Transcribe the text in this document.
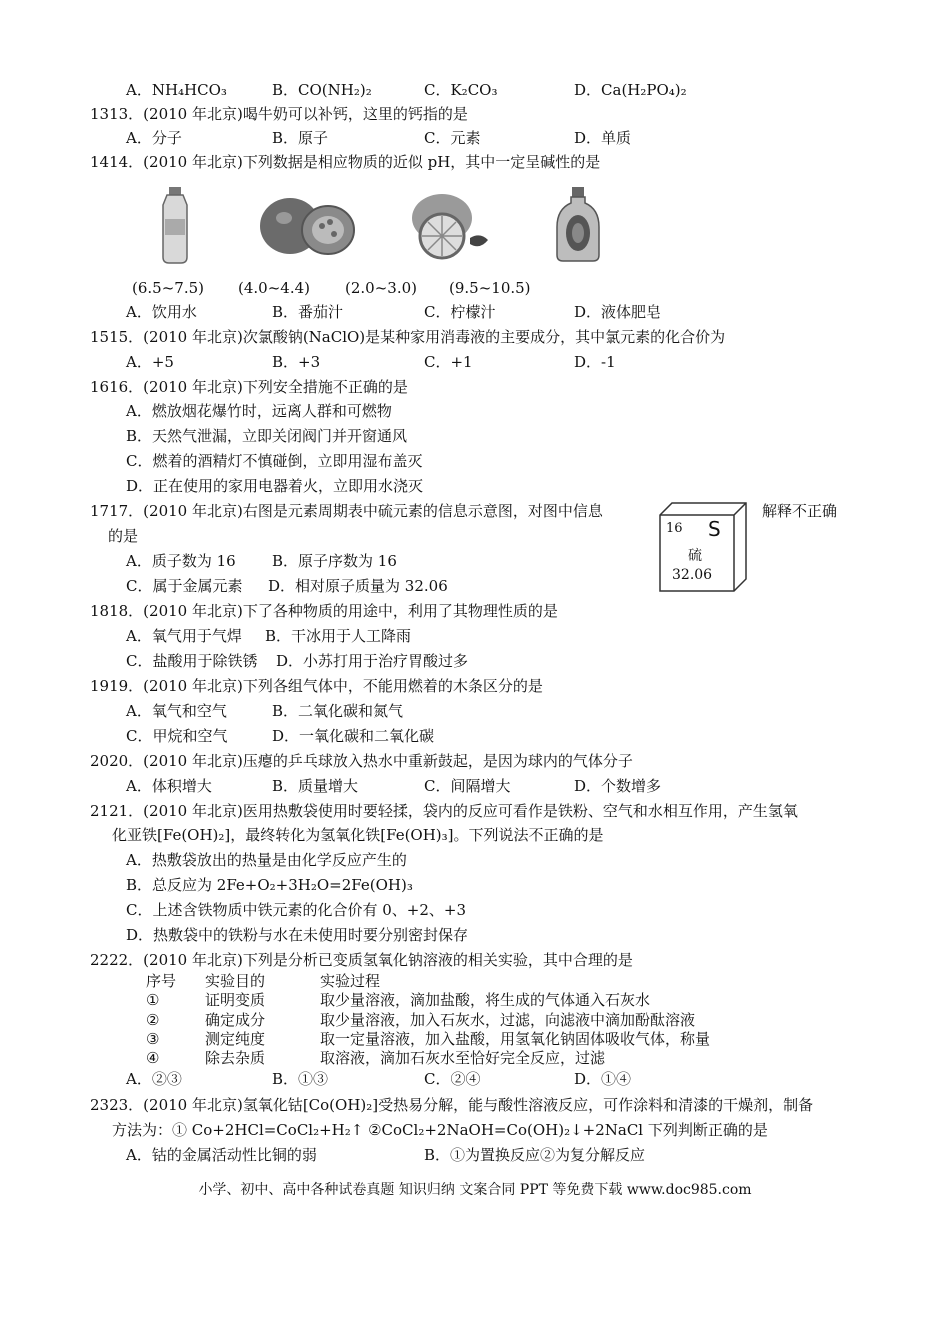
A．NH₄HCO₃	B．CO(NH₂)₂	C．K₂CO₃	D．Ca(H₂PO₄)₂
1313．(2010 年北京)喝牛奶可以补钙，这里的钙指的是
A．分子	B．原子	C．元素	D．单质
1414．(2010 年北京)下列数据是相应物质的近似 pH，其中一定呈碱性的是
(6.5~7.5) (4.0~4.4) (2.0~3.0) (9.5~10.5)
A．饮用水	B．番茄汁	C．柠檬汁	D．液体肥皂
1515．(2010 年北京)次氯酸钠(NaClO)是某种家用消毒液的主要成分，其中氯元素的化合价为
A．+5	B．+3	C．+1	D．-1
1616．(2010 年北京)下列安全措施不正确的是
A．燃放烟花爆竹时，远离人群和可燃物
B．天然气泄漏，立即关闭阀门并开窗通风
C．燃着的酒精灯不慎碰倒，立即用湿布盖灭
D．正在使用的家用电器着火，立即用水浇灭
1717．(2010 年北京)右图是元素周期表中硫元素的信息示意图，对图中信息	解释不正确
的是
A．质子数为 16 B．原子序数为 16
C．属于金属元素 D．相对原子质量为 32.06
16 S
硫
32.06
1818．(2010 年北京)下了各种物质的用途中，利用了其物理性质的是
A．氧气用于气焊 B．干冰用于人工降雨
C．盐酸用于除铁锈 D．小苏打用于治疗胃酸过多
1919．(2010 年北京)下列各组气体中，不能用燃着的木条区分的是
A．氧气和空气	B．二氧化碳和氮气
C．甲烷和空气	D．一氧化碳和二氧化碳
2020．(2010 年北京)压瘪的乒乓球放入热水中重新鼓起，是因为球内的气体分子
A．体积增大	B．质量增大	C．间隔增大	D．个数增多
2121．(2010 年北京)医用热敷袋使用时要轻揉，袋内的反应可看作是铁粉、空气和水相互作用，产生氢氧
化亚铁[Fe(OH)₂]，最终转化为氢氧化铁[Fe(OH)₃]。下列说法不正确的是
A．热敷袋放出的热量是由化学反应产生的
B．总反应为 2Fe+O₂+3H₂O=2Fe(OH)₃
C．上述含铁物质中铁元素的化合价有 0、+2、+3
D．热敷袋中的铁粉与水在未使用时要分别密封保存
2222．(2010 年北京)下列是分析已变质氢氧化钠溶液的相关实验，其中合理的是
序号 实验目的	实验过程
①	证明变质	取少量溶液，滴加盐酸，将生成的气体通入石灰水
②	确定成分	取少量溶液，加入石灰水，过滤，向滤液中滴加酚酞溶液
③	测定纯度	取一定量溶液，加入盐酸，用氢氧化钠固体吸收气体，称量
④	除去杂质	取溶液，滴加石灰水至恰好完全反应，过滤
A．②③	B．①③	C．②④	D．①④
2323．(2010 年北京)氢氧化钴[Co(OH)₂]受热易分解，能与酸性溶液反应，可作涂料和清漆的干燥剂，制备
方法为：① Co+2HCl=CoCl₂+H₂↑ ②CoCl₂+2NaOH=Co(OH)₂↓+2NaCl 下列判断正确的是
A．钴的金属活动性比铜的弱	B．①为置换反应②为复分解反应
小学、初中、高中各种试卷真题 知识归纳 文案合同 PPT 等免费下载 www.doc985.com
